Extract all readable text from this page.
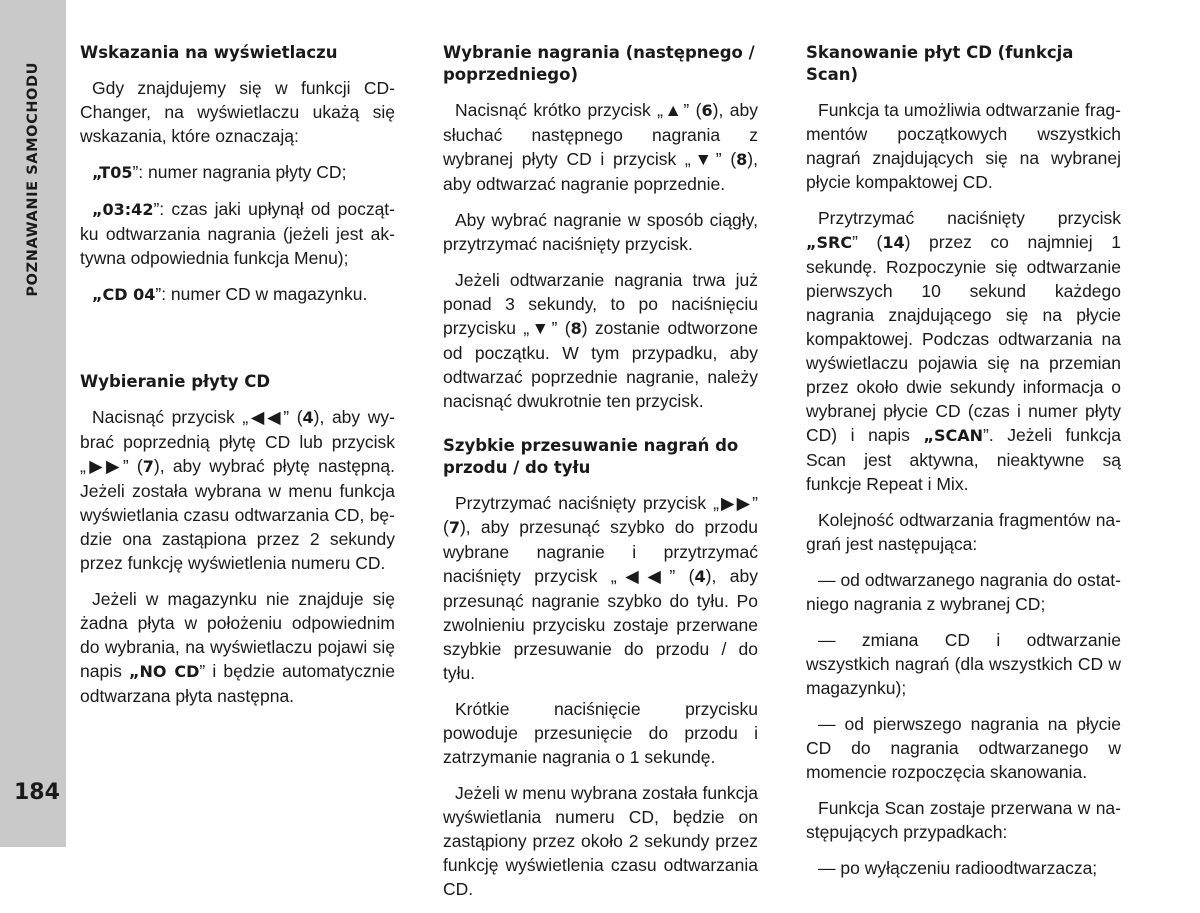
POZNAWANIE SAMOCHODU
184
Wskazania na wyświetlaczu

Gdy znajdujemy się w funkcji CD-Changer, na wyświetlaczu ukażą się wskazania, które oznaczają:

„T05”: numer nagrania płyty CD;

„03:42”: czas jaki upłynął od początku odtwarzania nagrania (jeżeli jest aktywna odpowiednia funkcja Menu);

„CD 04”: numer CD w magazynku.

Wybieranie płyty CD

Nacisnąć przycisk „◀◀” (4), aby wybrać poprzednią płytę CD lub przycisk „▶▶” (7), aby wybrać płytę następną. Jeżeli została wybrana w menu funkcja wyświetlania czasu odtwarzania CD, będzie ona zastąpiona przez 2 sekundy przez funkcję wyświetlenia numeru CD.

Jeżeli w magazynku nie znajduje się żadna płyta w położeniu odpowiednim do wybrania, na wyświetlaczu pojawi się napis „NO CD” i będzie automatycznie odtwarzana płyta następna.

Wybranie nagrania (następnego / poprzedniego)

Nacisnąć krótko przycisk „▲” (6), aby słuchać następnego nagrania z wybranej płyty CD i przycisk „▼” (8), aby odtwarzać nagranie poprzednie.

Aby wybrać nagranie w sposób ciągły, przytrzymać naciśnięty przycisk.

Jeżeli odtwarzanie nagrania trwa już ponad 3 sekundy, to po naciśnięciu przycisku „▼” (8) zostanie odtworzone od początku. W tym przypadku, aby odtwarzać poprzednie nagranie, należy nacisnąć dwukrotnie ten przycisk.

Szybkie przesuwanie nagrań do przodu / do tyłu

Przytrzymać naciśnięty przycisk „▶▶” (7), aby przesunąć szybko do przodu wybrane nagranie i przytrzymać naciśnięty przycisk „◀◀” (4), aby przesunąć nagranie szybko do tyłu. Po zwolnieniu przycisku zostaje przerwane szybkie przesuwanie do przodu / do tyłu.

Krótkie naciśnięcie przycisku powoduje przesunięcie do przodu i zatrzymanie nagrania o 1 sekundę.

Jeżeli w menu wybrana została funkcja wyświetlania numeru CD, będzie on zastąpiony przez około 2 sekundy przez funkcję wyświetlenia czasu odtwarzania CD.

Skanowanie płyt CD (funkcja Scan)

Funkcja ta umożliwia odtwarzanie fragmentów początkowych wszystkich nagrań znajdujących się na wybranej płycie kompaktowej CD.

Przytrzymać naciśnięty przycisk „SRC” (14) przez co najmniej 1 sekundę. Rozpoczynie się odtwarzanie pierwszych 10 sekund każdego nagrania znajdującego się na płycie kompaktowej. Podczas odtwarzania na wyświetlaczu pojawia się na przemian przez około dwie sekundy informacja o wybranej płycie CD (czas i numer płyty CD) i napis „SCAN”. Jeżeli funkcja Scan jest aktywna, nieaktywne są funkcje Repeat i Mix.

Kolejność odtwarzania fragmentów nagrań jest następująca:

— od odtwarzanego nagrania do ostatniego nagrania z wybranej CD;

— zmiana CD i odtwarzanie wszystkich nagrań (dla wszystkich CD w magazynku);

— od pierwszego nagrania na płycie CD do nagrania odtwarzanego w momencie rozpoczęcia skanowania.

Funkcja Scan zostaje przerwana w następujących przypadkach:

— po wyłączeniu radioodtwarzacza;
